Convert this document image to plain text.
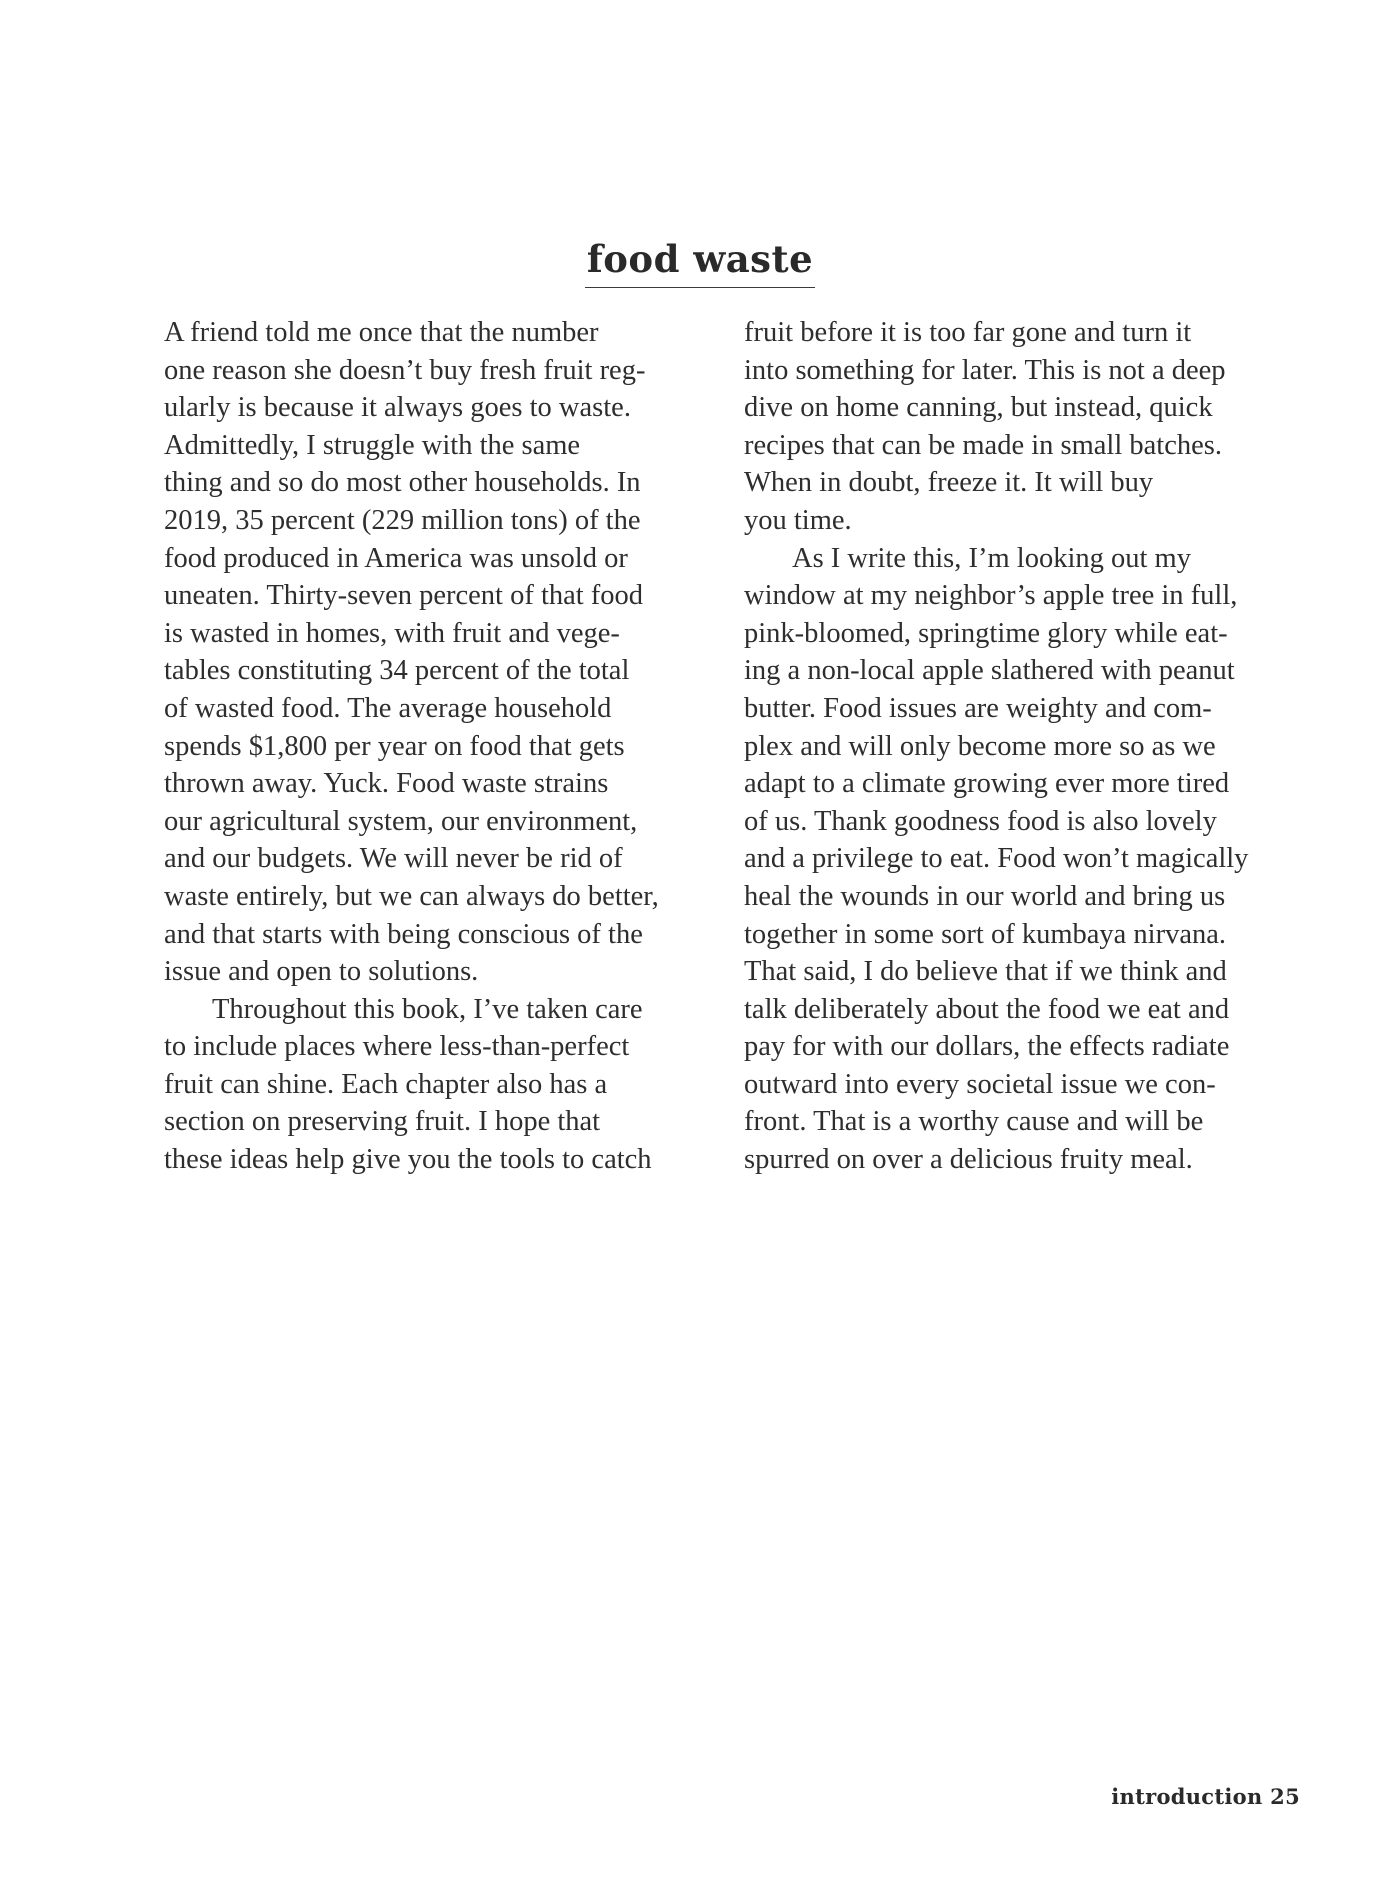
food waste
A friend told me once that the number
one reason she doesn’t buy fresh fruit reg-
ularly is because it always goes to waste.
Admittedly, I struggle with the same
thing and so do most other households. In
2019, 35 percent (229 million tons) of the
food produced in America was unsold or
uneaten. Thirty-seven percent of that food
is wasted in homes, with fruit and vege-
tables constituting 34 percent of the total
of wasted food. The average household
spends $1,800 per year on food that gets
thrown away. Yuck. Food waste strains
our agricultural system, our environment,
and our budgets. We will never be rid of
waste entirely, but we can always do better,
and that starts with being conscious of the
issue and open to solutions.
Throughout this book, I’ve taken care
to include places where less-than-perfect
fruit can shine. Each chapter also has a
section on preserving fruit. I hope that
these ideas help give you the tools to catch
fruit before it is too far gone and turn it
into something for later. This is not a deep
dive on home canning, but instead, quick
recipes that can be made in small batches.
When in doubt, freeze it. It will buy
you time.
As I write this, I’m looking out my
window at my neighbor’s apple tree in full,
pink-bloomed, springtime glory while eat-
ing a non-local apple slathered with peanut
butter. Food issues are weighty and com-
plex and will only become more so as we
adapt to a climate growing ever more tired
of us. Thank goodness food is also lovely
and a privilege to eat. Food won’t magically
heal the wounds in our world and bring us
together in some sort of kumbaya nirvana.
That said, I do believe that if we think and
talk deliberately about the food we eat and
pay for with our dollars, the effects radiate
outward into every societal issue we con-
front. That is a worthy cause and will be
spurred on over a delicious fruity meal.
introduction 25
